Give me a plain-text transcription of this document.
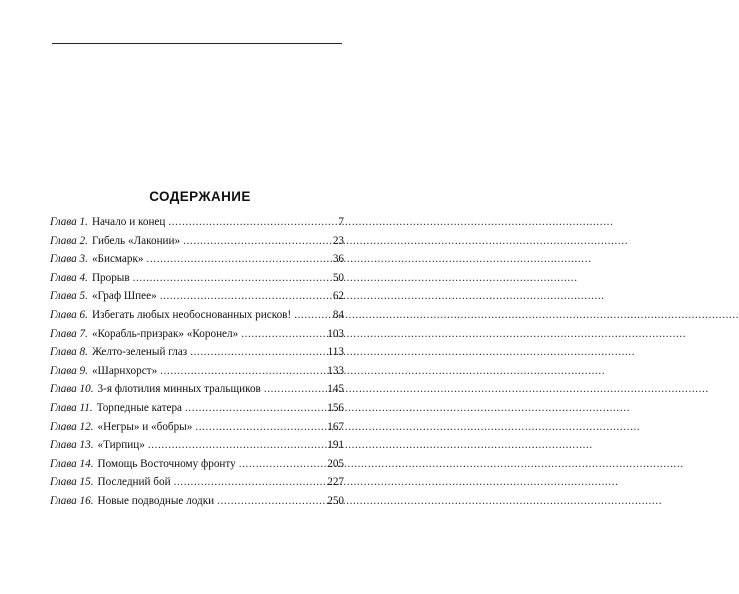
СОДЕРЖАНИЕ
Глава 1. Начало и конец .....	7
Глава 2. Гибель «Лаконии» .....	23
Глава 3. «Бисмарк» .....	36
Глава 4. Прорыв .....	50
Глава 5. «Граф Шпее» .....	62
Глава 6. Избегать любых необоснованных рисков! .....	84
Глава 7. «Корабль-призрак» «Коронел» .....	103
Глава 8. Желто-зеленый глаз .....	113
Глава 9. «Шарнхорст» .....	133
Глава 10. 3-я флотилия минных тральщиков .....	145
Глава 11. Торпедные катера .....	156
Глава 12. «Негры» и «бобры» .....	167
Глава 13. «Тирпиц» .....	191
Глава 14. Помощь Восточному фронту .....	205
Глава 15. Последний бой .....	227
Глава 16. Новые подводные лодки .....	250
